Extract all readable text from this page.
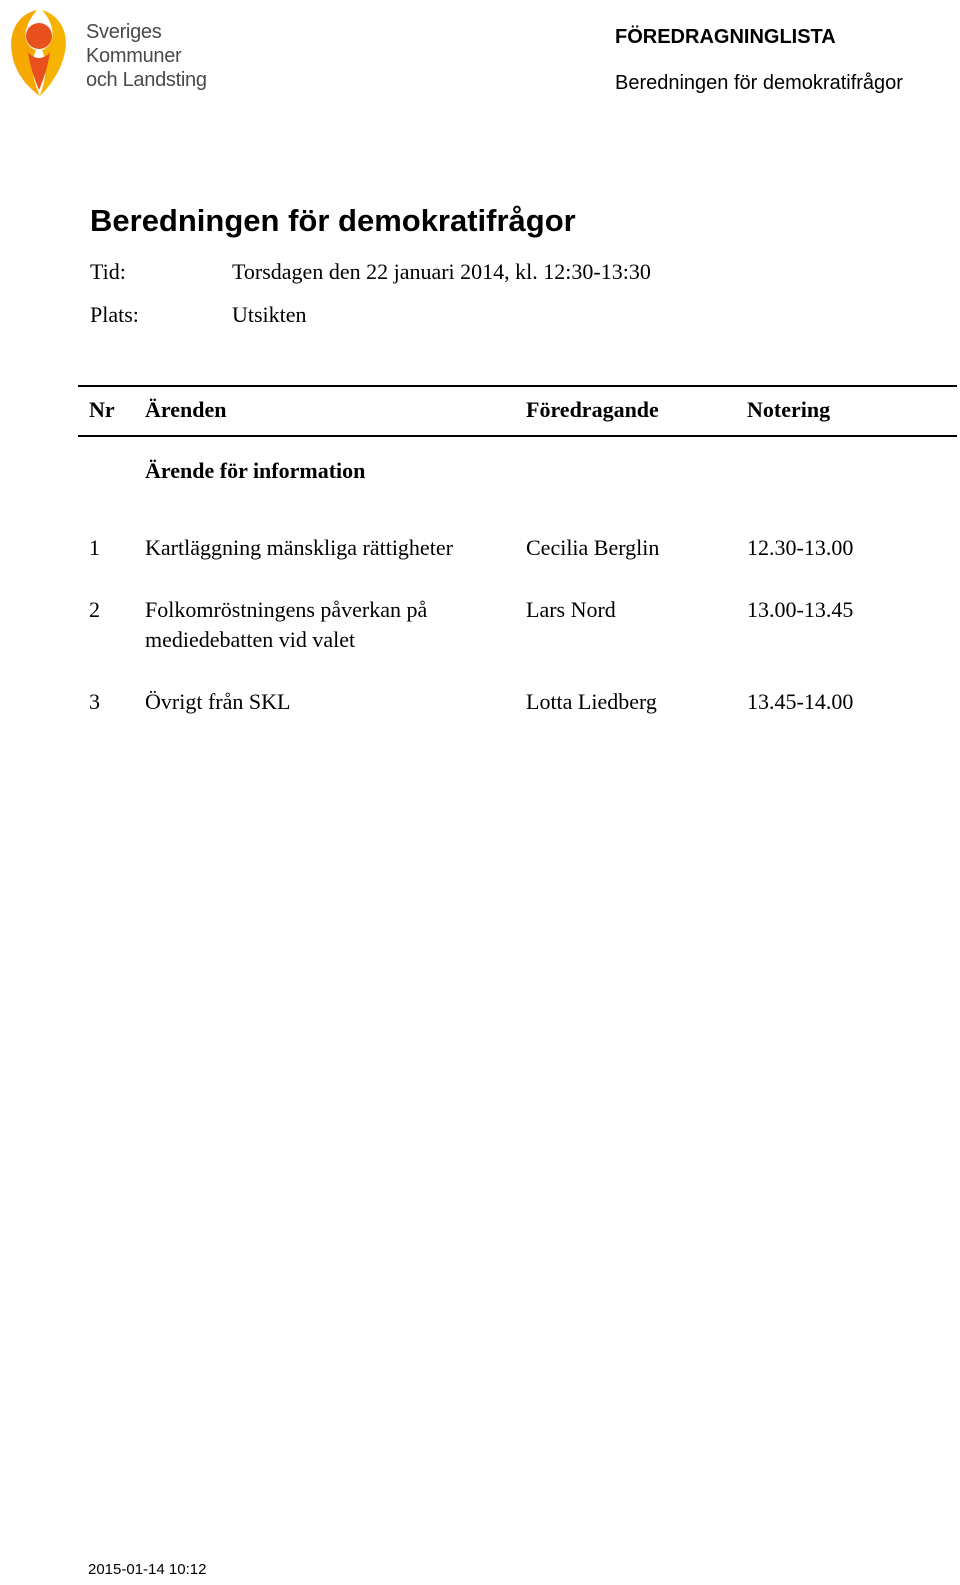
Sveriges
Kommuner
och Landsting
FÖREDRAGNINGLISTA
Beredningen för demokratifrågor
Beredningen för demokratifrågor
Tid:	Torsdagen den 22 januari 2014, kl. 12:30-13:30
Plats:	Utsikten
Nr Ärenden	Föredragande	Notering
Ärende för information
1 Kartläggning mänskliga rättigheter	Cecilia Berglin	12.30-13.00
2 Folkomröstningens påverkan på
mediedebatten vid valet
Lars Nord	13.00-13.45
3 Övrigt från SKL	Lotta Liedberg	13.45-14.00
2015-01-14 10:12
